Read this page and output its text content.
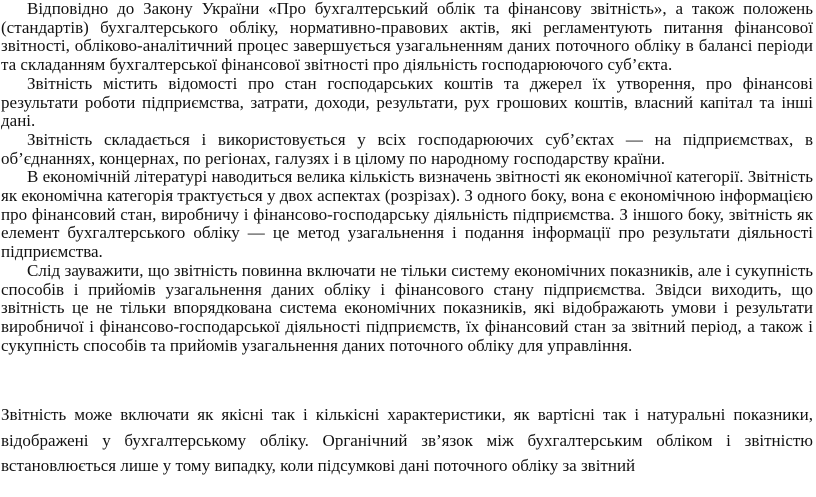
Відповідно до Закону України «Про бухгалтерський облік та фінансову звітність», а також положень (стандартів) бухгалтерського обліку, нормативно-правових актів, які регламентують питання фінансової звітності, обліково-аналітичний процес завершується узагальненням даних поточного обліку в балансі періоди та складанням бухгалтерської фінансової звітності про діяльність господарюючого суб’єкта.

Звітність містить відомості про стан господарських коштів та джерел їх утворення, про фінансові результати роботи підприємства, затрати, доходи, результати, рух грошових коштів, власний капітал та інші дані.

Звітність складається і використовується у всіх господарюючих суб’єктах — на підприємствах, в об’єднаннях, концернах, по регіонах, галузях і в цілому по народному господарству країни.

В економічній літературі наводиться велика кількість визначень звітності як економічної категорії. Звітність як економічна категорія трактується у двох аспектах (розрізах). З одного боку, вона є економічною інформацією про фінансовий стан, виробничу і фінансово-господарську діяльність підприємства. З іншого боку, звітність як елемент бухгалтерського обліку — це метод узагальнення і подання інформації про результати діяльності підприємства.

Слід зауважити, що звітність повинна включати не тільки систему економічних показників, але і сукупність способів і прийомів узагальнення даних обліку і фінансового стану підприємства. Звідси виходить, що звітність це не тільки впорядкована система економічних показників, які відображають умови і результати виробничої і фінансово-господарської діяльності підприємств, їх фінансовий стан за звітний період, а також і сукупність способів та прийомів узагальнення даних поточного обліку для управління.

Звітність може включати як якісні так і кількісні характеристики, як вартісні так і натуральні показники, відображені у бухгалтерському обліку. Органічний зв’язок між бухгалтерським обліком і звітністю встановлюється лише у тому випадку, коли підсумкові дані поточного обліку за звітний
